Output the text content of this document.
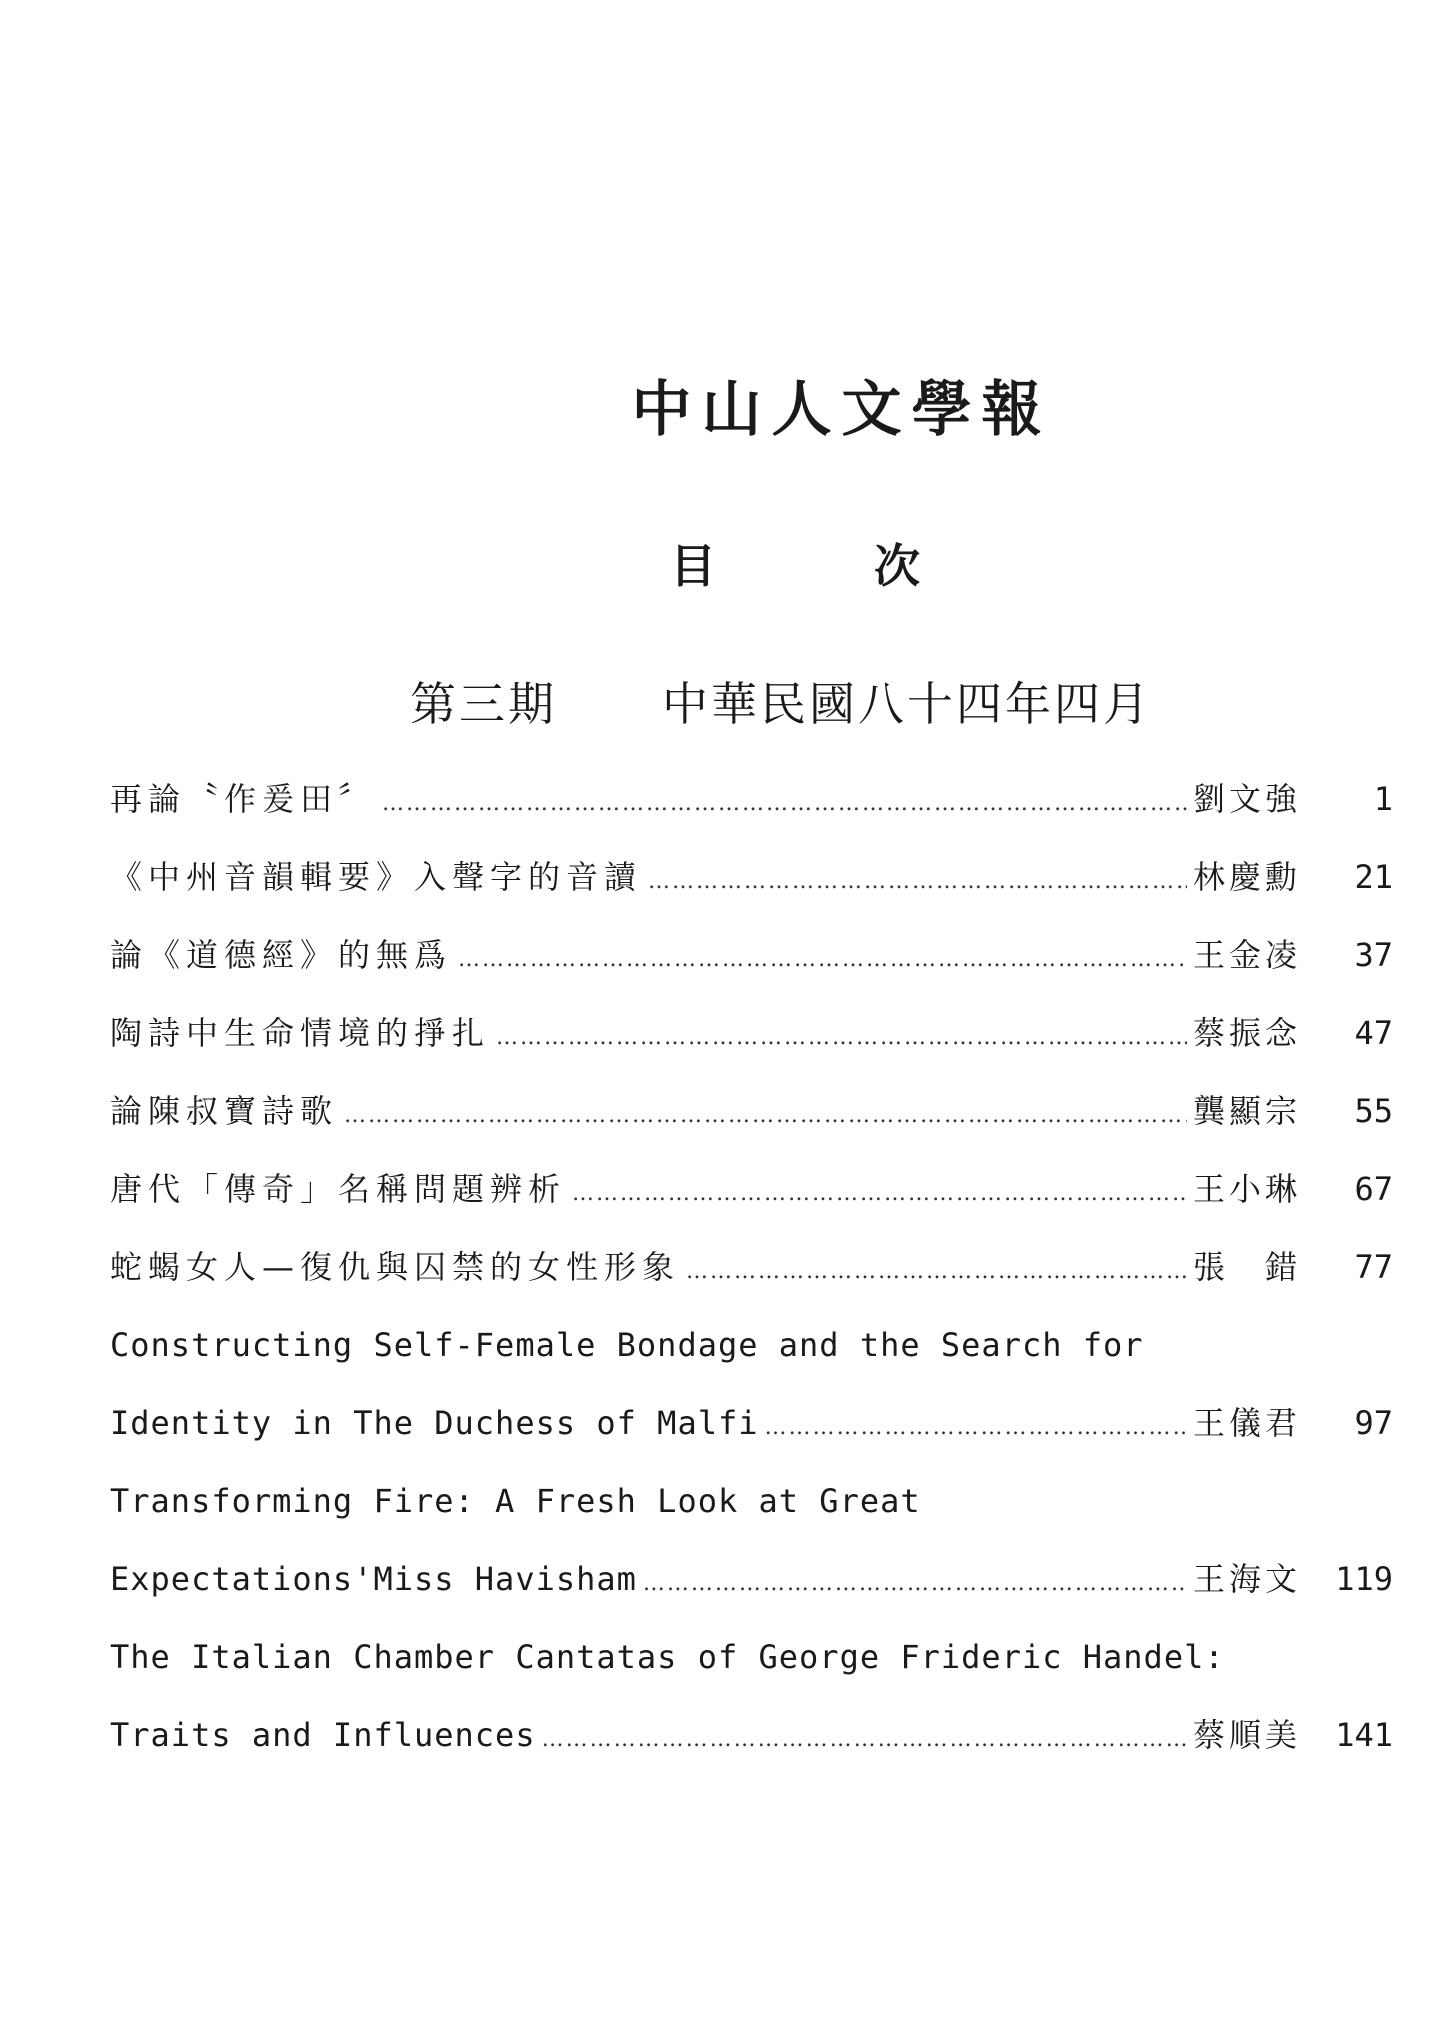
中山人文學報
目	次
第三期 中華民國八十四年四月
再論〝作爰田〞 ……………………………………………………………………………………………………………………………………………………	劉文強	1
《中州音韻輯要》入聲字的音讀 ……………………………………………………………………………………………………………………………………………………	林慶勳	21
論《道德經》的無爲 ……………………………………………………………………………………………………………………………………………………	王金凌	37
陶詩中生命情境的掙扎 ……………………………………………………………………………………………………………………………………………………	蔡振念	47
論陳叔寶詩歌 ……………………………………………………………………………………………………………………………………………………	龔顯宗	55
唐代「傳奇」名稱問題辨析 ……………………………………………………………………………………………………………………………………………………	王小琳	67
蛇蝎女人—復仇與囚禁的女性形象 ……………………………………………………………………………………………………………………………………………………	張　錯	77
Constructing Self-Female Bondage and the Search for
Identity in The Duchess of Malfi ……………………………………………………………………………………………………………………………………………………	王儀君	97
Transforming Fire: A Fresh Look at Great
Expectations'Miss Havisham ……………………………………………………………………………………………………………………………………………………	王海文	119
The Italian Chamber Cantatas of George Frideric Handel:
Traits and Influences ……………………………………………………………………………………………………………………………………………………	蔡順美	141
